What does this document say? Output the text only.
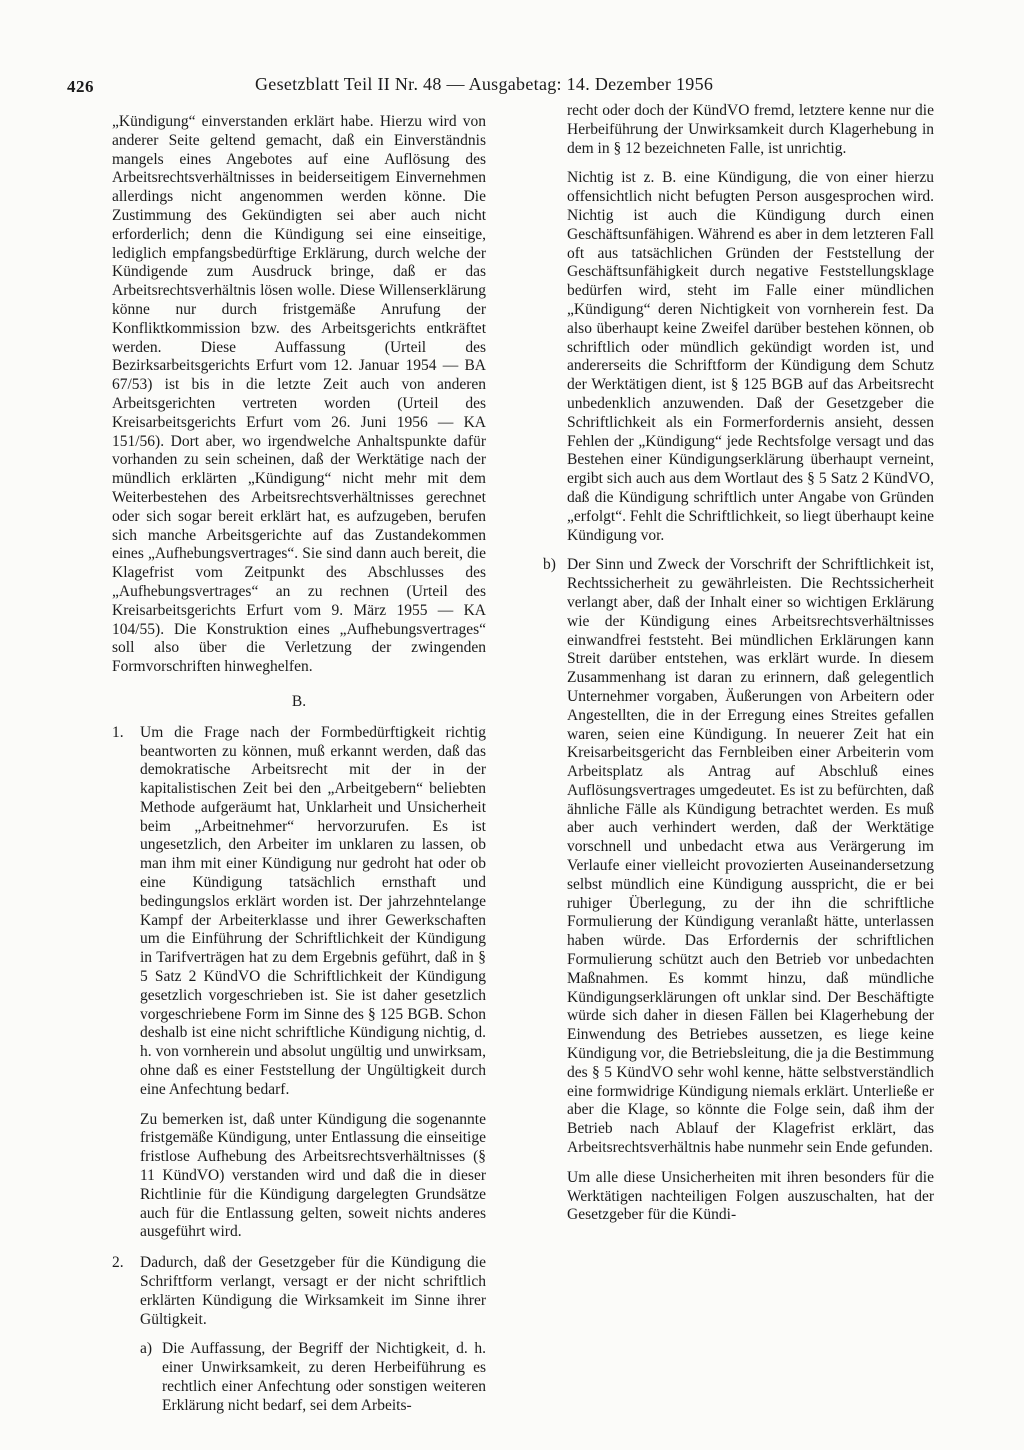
426	Gesetzblatt Teil II Nr. 48 — Ausgabetag: 14. Dezember 1956

„Kündigung“ einverstanden erklärt habe. Hierzu wird von anderer Seite geltend gemacht, daß ein Einverständnis mangels eines Angebotes auf eine Auflösung des Arbeitsrechtsverhältnisses in beiderseitigem Einvernehmen allerdings nicht angenommen werden könne. Die Zustimmung des Gekündigten sei aber auch nicht erforderlich; denn die Kündigung sei eine einseitige, lediglich empfangsbedürftige Erklärung, durch welche der Kündigende zum Ausdruck bringe, daß er das Arbeitsrechtsverhältnis lösen wolle. Diese Willenserklärung könne nur durch fristgemäße Anrufung der Konfliktkommission bzw. des Arbeitsgerichts entkräftet werden. Diese Auffassung (Urteil des Bezirksarbeitsgerichts Erfurt vom 12. Januar 1954 — BA 67/53) ist bis in die letzte Zeit auch von anderen Arbeitsgerichten vertreten worden (Urteil des Kreisarbeitsgerichts Erfurt vom 26. Juni 1956 — KA 151/56). Dort aber, wo irgendwelche Anhaltspunkte dafür vorhanden zu sein scheinen, daß der Werktätige nach der mündlich erklärten „Kündigung“ nicht mehr mit dem Weiterbestehen des Arbeitsrechtsverhältnisses gerechnet oder sich sogar bereit erklärt hat, es aufzugeben, berufen sich manche Arbeitsgerichte auf das Zustandekommen eines „Aufhebungsvertrages“. Sie sind dann auch bereit, die Klagefrist vom Zeitpunkt des Abschlusses des „Aufhebungsvertrages“ an zu rechnen (Urteil des Kreisarbeitsgerichts Erfurt vom 9. März 1955 — KA 104/55). Die Konstruktion eines „Aufhebungsvertrages“ soll also über die Verletzung der zwingenden Formvorschriften hinweghelfen.

B.
1. Um die Frage nach der Formbedürftigkeit richtig beantworten zu können, muß erkannt werden, daß das demokratische Arbeitsrecht mit der in der kapitalistischen Zeit bei den „Arbeitgebern“ beliebten Methode aufgeräumt hat, Unklarheit und Unsicherheit beim „Arbeitnehmer“ hervorzurufen. Es ist ungesetzlich, den Arbeiter im unklaren zu lassen, ob man ihm mit einer Kündigung nur gedroht hat oder ob eine Kündigung tatsächlich ernsthaft und bedingungslos erklärt worden ist. Der jahrzehntelange Kampf der Arbeiterklasse und ihrer Gewerkschaften um die Einführung der Schriftlichkeit der Kündigung in Tarifverträgen hat zu dem Ergebnis geführt, daß in § 5 Satz 2 KündVO die Schriftlichkeit der Kündigung gesetzlich vorgeschrieben ist. Sie ist daher gesetzlich vorgeschriebene Form im Sinne des § 125 BGB. Schon deshalb ist eine nicht schriftliche Kündigung nichtig, d. h. von vornherein und absolut ungültig und unwirksam, ohne daß es einer Feststellung der Ungültigkeit durch eine Anfechtung bedarf.

Zu bemerken ist, daß unter Kündigung die sogenannte fristgemäße Kündigung, unter Entlassung die einseitige fristlose Aufhebung des Arbeitsrechtsverhältnisses (§ 11 KündVO) verstanden wird und daß die in dieser Richtlinie für die Kündigung dargelegten Grundsätze auch für die Entlassung gelten, soweit nichts anderes ausgeführt wird.

2. Dadurch, daß der Gesetzgeber für die Kündigung die Schriftform verlangt, versagt er der nicht schriftlich erklärten Kündigung die Wirksamkeit im Sinne ihrer Gültigkeit.

a) Die Auffassung, der Begriff der Nichtigkeit, d. h. einer Unwirksamkeit, zu deren Herbeiführung es rechtlich einer Anfechtung oder sonstigen weiteren Erklärung nicht bedarf, sei dem Arbeits-

recht oder doch der KündVO fremd, letztere kenne nur die Herbeiführung der Unwirksamkeit durch Klagerhebung in dem in § 12 bezeichneten Falle, ist unrichtig.

Nichtig ist z. B. eine Kündigung, die von einer hierzu offensichtlich nicht befugten Person ausgesprochen wird. Nichtig ist auch die Kündigung durch einen Geschäftsunfähigen. Während es aber in dem letzteren Fall oft aus tatsächlichen Gründen der Feststellung der Geschäftsunfähigkeit durch negative Feststellungsklage bedürfen wird, steht im Falle einer mündlichen „Kündigung“ deren Nichtigkeit von vornherein fest. Da also überhaupt keine Zweifel darüber bestehen können, ob schriftlich oder mündlich gekündigt worden ist, und andererseits die Schriftform der Kündigung dem Schutz der Werktätigen dient, ist § 125 BGB auf das Arbeitsrecht unbedenklich anzuwenden. Daß der Gesetzgeber die Schriftlichkeit als ein Formerfordernis ansieht, dessen Fehlen der „Kündigung“ jede Rechtsfolge versagt und das Bestehen einer Kündigungserklärung überhaupt verneint, ergibt sich auch aus dem Wortlaut des § 5 Satz 2 KündVO, daß die Kündigung schriftlich unter Angabe von Gründen „erfolgt“. Fehlt die Schriftlichkeit, so liegt überhaupt keine Kündigung vor.

b) Der Sinn und Zweck der Vorschrift der Schriftlichkeit ist, Rechtssicherheit zu gewährleisten. Die Rechtssicherheit verlangt aber, daß der Inhalt einer so wichtigen Erklärung wie der Kündigung eines Arbeitsrechtsverhältnisses einwandfrei feststeht. Bei mündlichen Erklärungen kann Streit darüber entstehen, was erklärt wurde. In diesem Zusammenhang ist daran zu erinnern, daß gelegentlich Unternehmer vorgaben, Äußerungen von Arbeitern oder Angestellten, die in der Erregung eines Streites gefallen waren, seien eine Kündigung. In neuerer Zeit hat ein Kreisarbeitsgericht das Fernbleiben einer Arbeiterin vom Arbeitsplatz als Antrag auf Abschluß eines Auflösungsvertrages umgedeutet. Es ist zu befürchten, daß ähnliche Fälle als Kündigung betrachtet werden. Es muß aber auch verhindert werden, daß der Werktätige vorschnell und unbedacht etwa aus Verärgerung im Verlaufe einer vielleicht provozierten Auseinandersetzung selbst mündlich eine Kündigung ausspricht, die er bei ruhiger Überlegung, zu der ihn die schriftliche Formulierung der Kündigung veranlaßt hätte, unterlassen haben würde. Das Erfordernis der schriftlichen Formulierung schützt auch den Betrieb vor unbedachten Maßnahmen. Es kommt hinzu, daß mündliche Kündigungserklärungen oft unklar sind. Der Beschäftigte würde sich daher in diesen Fällen bei Klagerhebung der Einwendung des Betriebes aussetzen, es liege keine Kündigung vor, die Betriebsleitung, die ja die Bestimmung des § 5 KündVO sehr wohl kenne, hätte selbstverständlich eine formwidrige Kündigung niemals erklärt. Unterließe er aber die Klage, so könnte die Folge sein, daß ihm der Betrieb nach Ablauf der Klagefrist erklärt, das Arbeitsrechtsverhältnis habe nunmehr sein Ende gefunden.

Um alle diese Unsicherheiten mit ihren besonders für die Werktätigen nachteiligen Folgen auszuschalten, hat der Gesetzgeber für die Kündi-
